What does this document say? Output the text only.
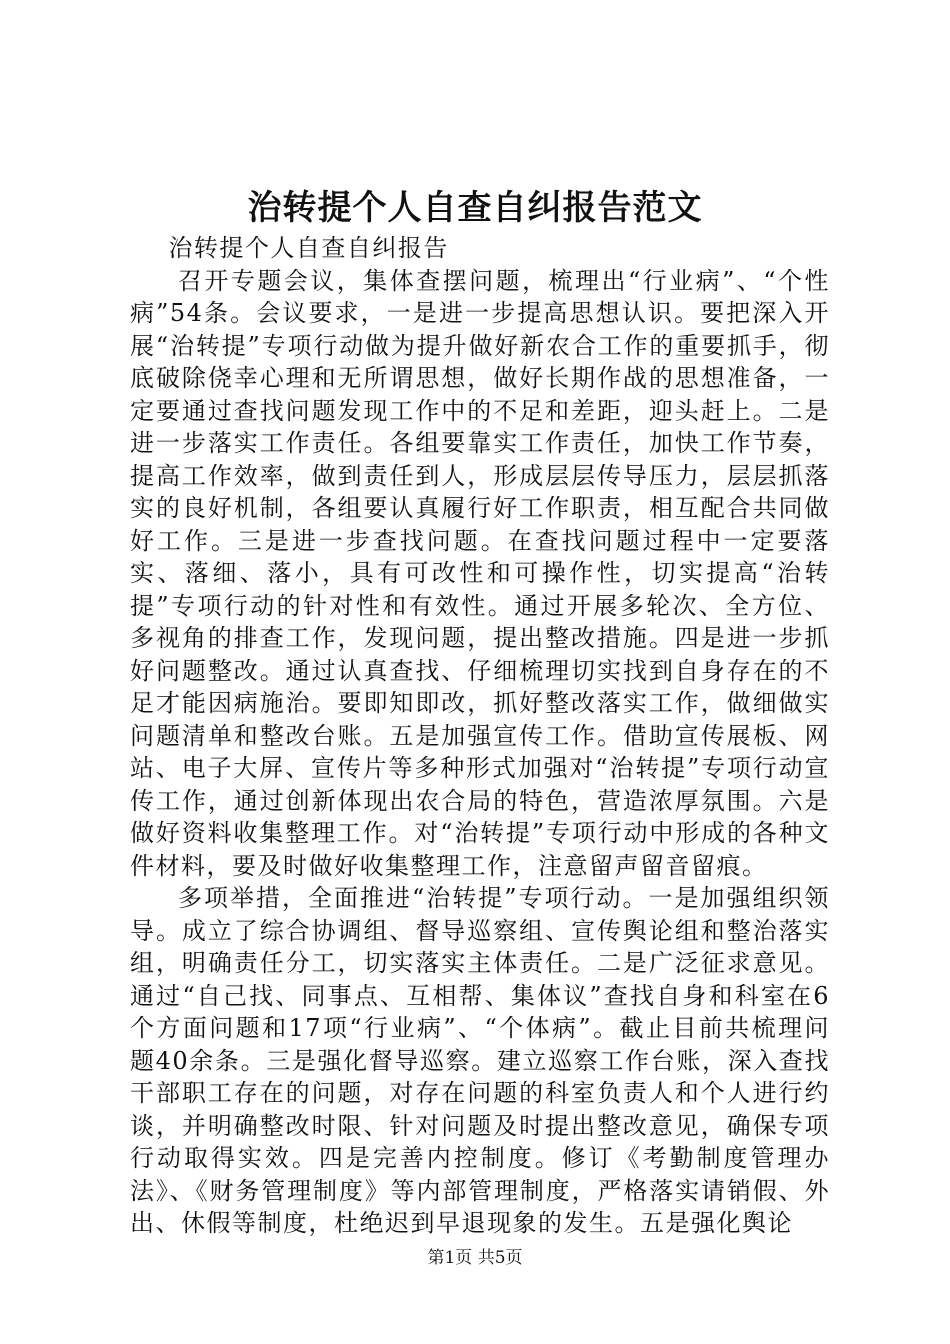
治转提个人自查自纠报告范文

治转提个人自查自纠报告

召开专题会议，集体查摆问题，梳理出“行业病”、“个性病”54条。会议要求，一是进一步提高思想认识。要把深入开展“治转提”专项行动做为提升做好新农合工作的重要抓手，彻底破除侥幸心理和无所谓思想，做好长期作战的思想准备，一定要通过查找问题发现工作中的不足和差距，迎头赶上。二是进一步落实工作责任。各组要靠实工作责任，加快工作节奏，提高工作效率，做到责任到人，形成层层传导压力，层层抓落实的良好机制，各组要认真履行好工作职责，相互配合共同做好工作。三是进一步查找问题。在查找问题过程中一定要落实、落细、落小，具有可改性和可操作性，切实提高“治转提”专项行动的针对性和有效性。通过开展多轮次、全方位、多视角的排查工作，发现问题，提出整改措施。四是进一步抓好问题整改。通过认真查找、仔细梳理切实找到自身存在的不足才能因病施治。要即知即改，抓好整改落实工作，做细做实问题清单和整改台账。五是加强宣传工作。借助宣传展板、网站、电子大屏、宣传片等多种形式加强对“治转提”专项行动宣传工作，通过创新体现出农合局的特色，营造浓厚氛围。六是做好资料收集整理工作。对“治转提”专项行动中形成的各种文件材料，要及时做好收集整理工作，注意留声留音留痕。

多项举措，全面推进“治转提”专项行动。一是加强组织领导。成立了综合协调组、督导巡察组、宣传舆论组和整治落实组，明确责任分工，切实落实主体责任。二是广泛征求意见。通过“自己找、同事点、互相帮、集体议”查找自身和科室在6个方面问题和17项“行业病”、“个体病”。截止目前共梳理问题40余条。三是强化督导巡察。建立巡察工作台账，深入查找干部职工存在的问题，对存在问题的科室负责人和个人进行约谈，并明确整改时限、针对问题及时提出整改意见，确保专项行动取得实效。四是完善内控制度。修订《考勤制度管理办法》、《财务管理制度》等内部管理制度，严格落实请销假、外出、休假等制度，杜绝迟到早退现象的发生。五是强化舆论

第1页 共5页
